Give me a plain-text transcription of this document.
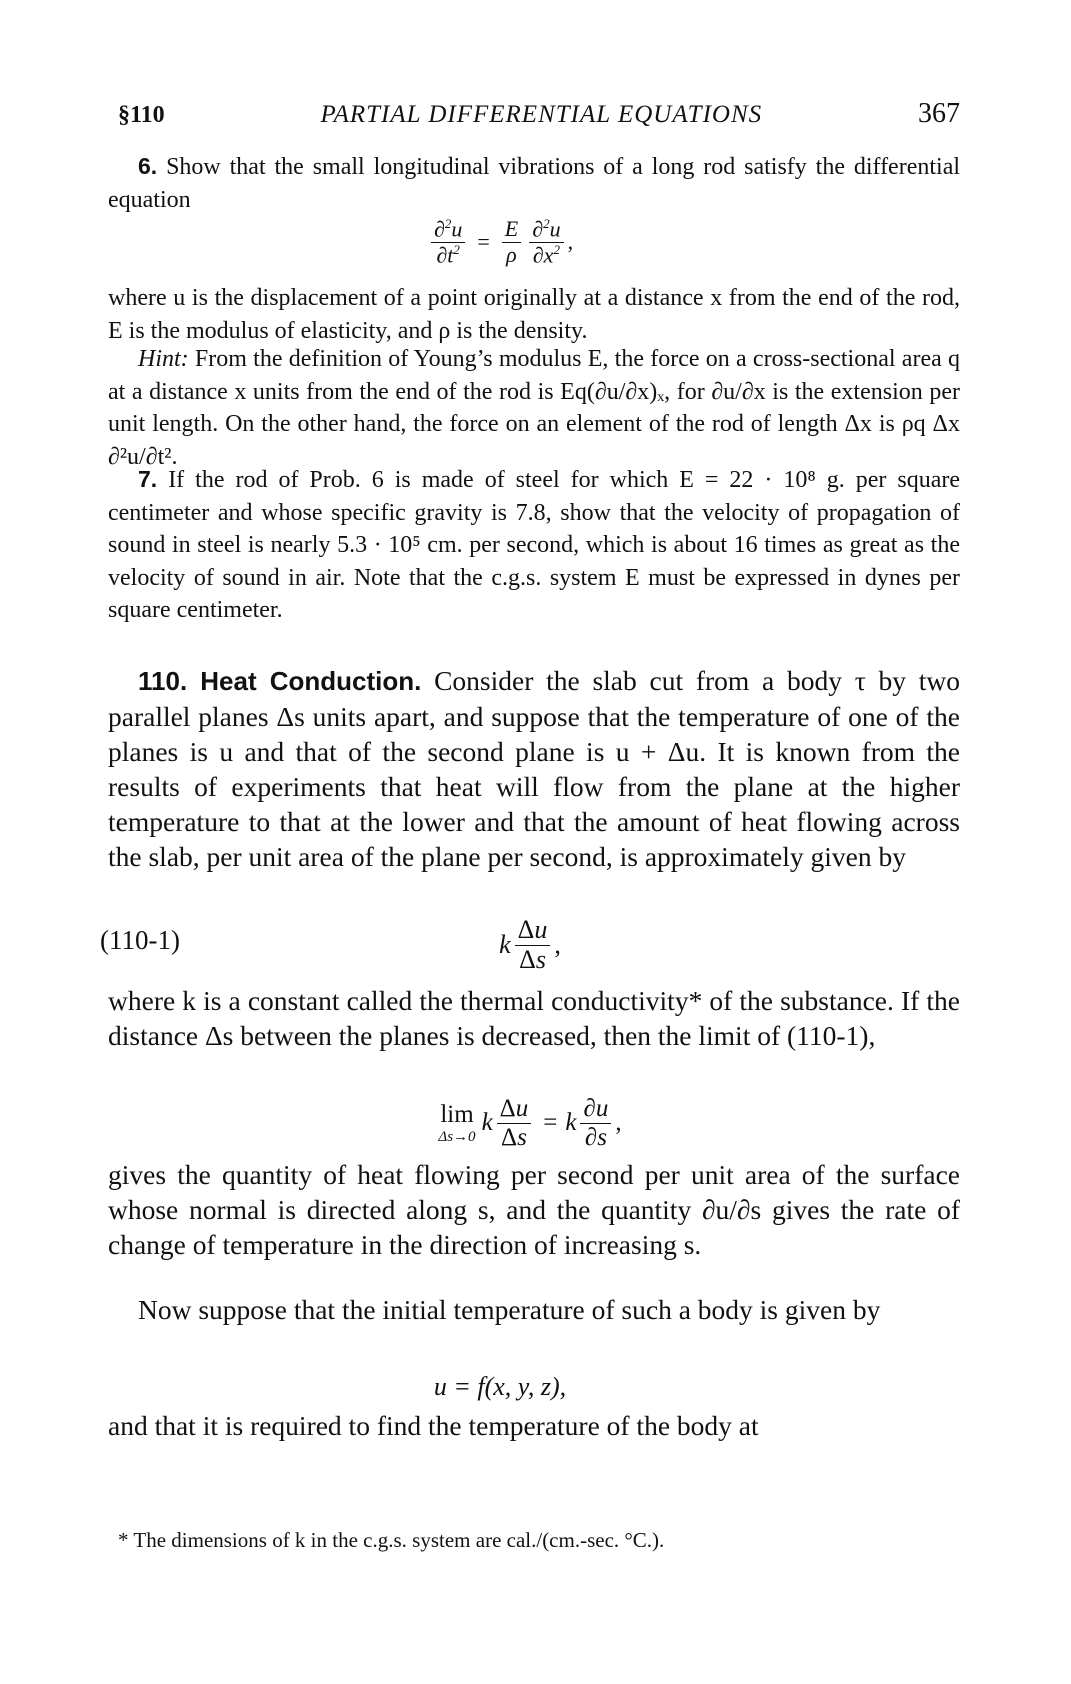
§110	PARTIAL DIFFERENTIAL EQUATIONS	367

6. Show that the small longitudinal vibrations of a long rod satisfy the differential equation

$\frac{\partial^2u}{\partial t^2} = \frac{E}{\rho} \frac{\partial^2u}{\partial x^2}$ ,

where u is the displacement of a point originally at a distance x from the end of the rod, E is the modulus of elasticity, and ρ is the density.

Hint: From the definition of Young’s modulus E, the force on a cross-sectional area q at a distance x units from the end of the rod is Eq(∂u/∂x)ₓ, for ∂u/∂x is the extension per unit length. On the other hand, the force on an element of the rod of length Δx is ρq Δx ∂²u/∂t².

7. If the rod of Prob. 6 is made of steel for which E = 22 · 10⁸ g. per square centimeter and whose specific gravity is 7.8, show that the velocity of propagation of sound in steel is nearly 5.3 · 10⁵ cm. per second, which is about 16 times as great as the velocity of sound in air. Note that the c.g.s. system E must be expressed in dynes per square centimeter.

110. Heat Conduction. Consider the slab cut from a body τ by two parallel planes Δs units apart, and suppose that the temperature of one of the planes is u and that of the second plane is u + Δu. It is known from the results of experiments that heat will flow from the plane at the higher temperature to that at the lower and that the amount of heat flowing across the slab, per unit area of the plane per second, is approximately given by

(110-1)	k $\frac{\Delta u}{\Delta s}$ ,

where k is a constant called the thermal conductivity* of the substance. If the distance Δs between the planes is decreased, then the limit of (110-1),

lim
Δs→0
k $\frac{\Delta u}{\Delta s} = k \frac{\partial u}{\partial s}$ ,

gives the quantity of heat flowing per second per unit area of the surface whose normal is directed along s, and the quantity ∂u/∂s gives the rate of change of temperature in the direction of increasing s.

Now suppose that the initial temperature of such a body is given by

u = f(x, y, z),

and that it is required to find the temperature of the body at

* The dimensions of k in the c.g.s. system are cal./(cm.-sec. °C.).
